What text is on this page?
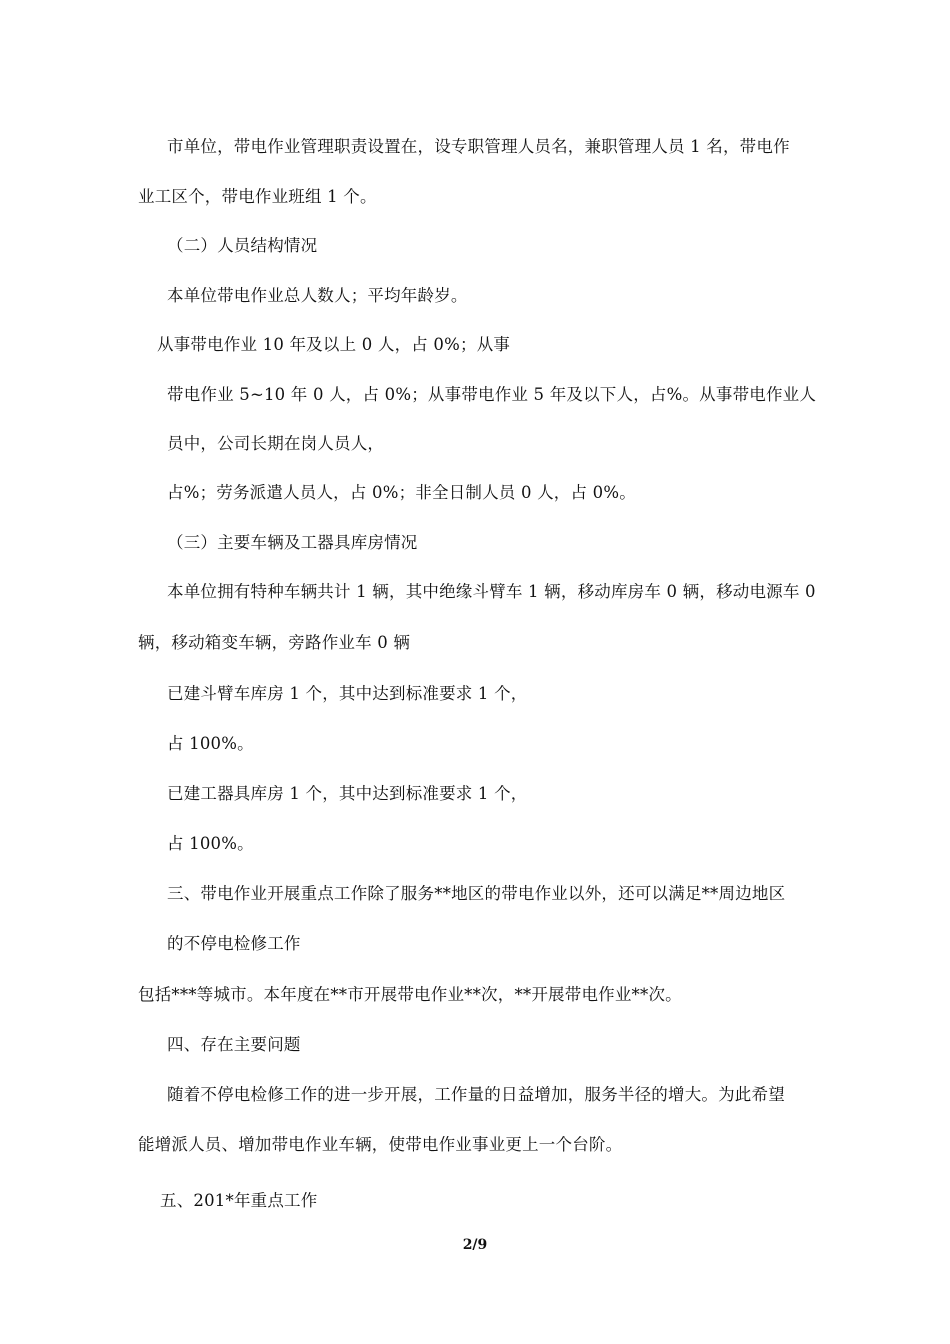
市单位，带电作业管理职责设置在，设专职管理人员名，兼职管理人员 1 名，带电作
业工区个，带电作业班组 1 个。
（二）人员结构情况
本单位带电作业总人数人；平均年龄岁。
从事带电作业 10 年及以上 0 人，占 0%；从事
带电作业 5~10 年 0 人，占 0%；从事带电作业 5 年及以下人，占%。从事带电作业人
员中，公司长期在岗人员人，
占%；劳务派遣人员人，占 0%；非全日制人员 0 人，占 0%。
（三）主要车辆及工器具库房情况
本单位拥有特种车辆共计 1 辆，其中绝缘斗臂车 1 辆，移动库房车 0 辆，移动电源车 0
辆，移动箱变车辆，旁路作业车 0 辆
已建斗臂车库房 1 个，其中达到标准要求 1 个，
占 100%。
已建工器具库房 1 个，其中达到标准要求 1 个，
占 100%。
三、带电作业开展重点工作除了服务**地区的带电作业以外，还可以满足**周边地区
的不停电检修工作
包括***等城市。本年度在**市开展带电作业**次，**开展带电作业**次。
四、存在主要问题
随着不停电检修工作的进一步开展，工作量的日益增加，服务半径的增大。为此希望
能增派人员、增加带电作业车辆，使带电作业事业更上一个台阶。
五、201*年重点工作
2/9
